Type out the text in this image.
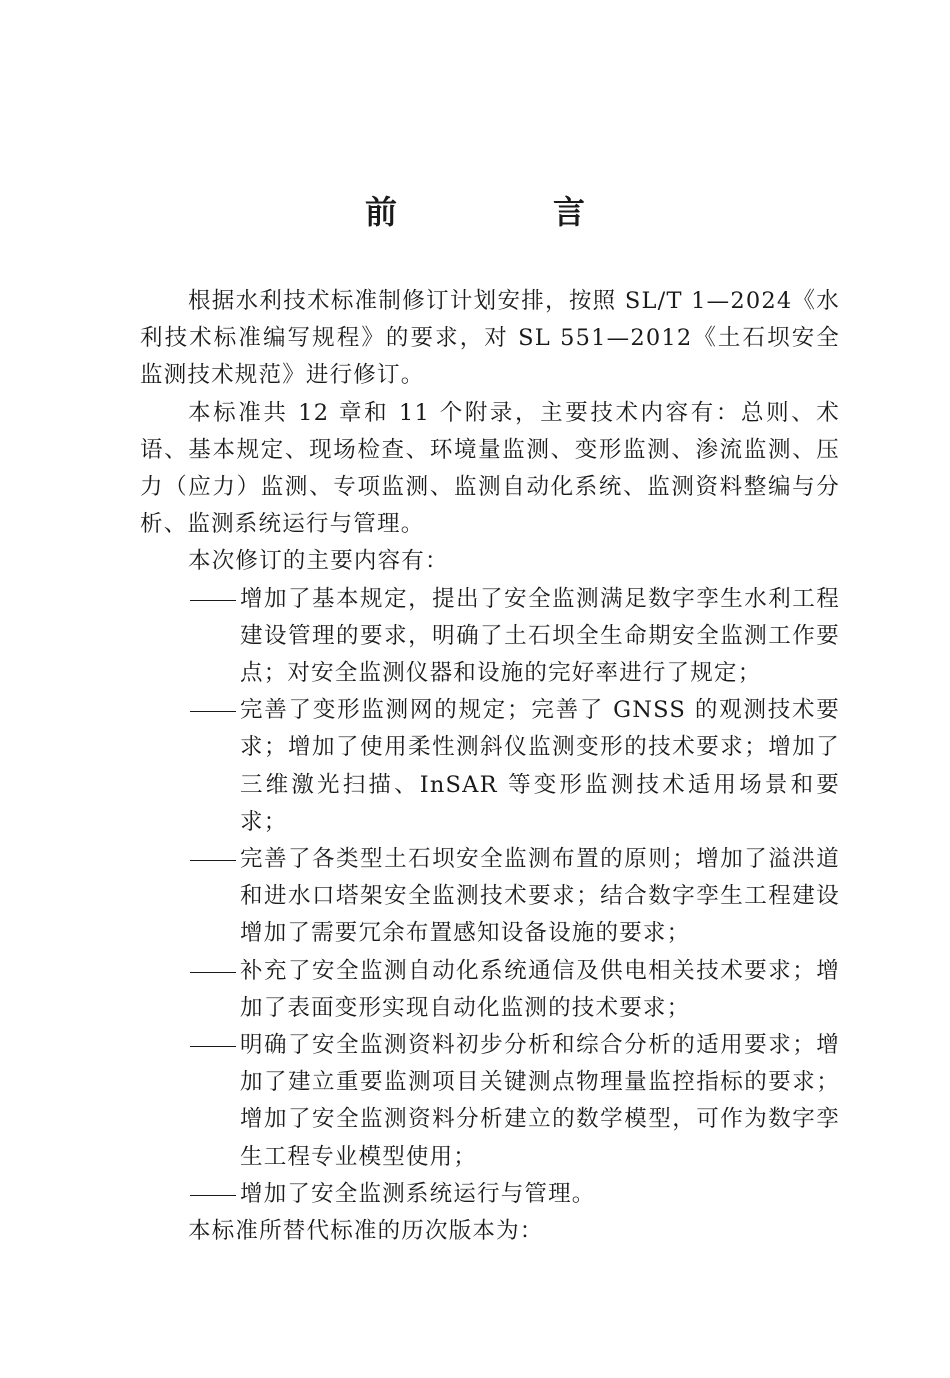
前　言

根据水利技术标准制修订计划安排，按照 SL/T 1—2024《水利技术标准编写规程》的要求，对 SL 551—2012《土石坝安全监测技术规范》进行修订。

本标准共 12 章和 11 个附录，主要技术内容有：总则、术语、基本规定、现场检查、环境量监测、变形监测、渗流监测、压力（应力）监测、专项监测、监测自动化系统、监测资料整编与分析、监测系统运行与管理。

本次修订的主要内容有：

增加了基本规定，提出了安全监测满足数字孪生水利工程建设管理的要求，明确了土石坝全生命期安全监测工作要点；对安全监测仪器和设施的完好率进行了规定；

完善了变形监测网的规定；完善了 GNSS 的观测技术要求；增加了使用柔性测斜仪监测变形的技术要求；增加了三维激光扫描、InSAR 等变形监测技术适用场景和要求；

完善了各类型土石坝安全监测布置的原则；增加了溢洪道和进水口塔架安全监测技术要求；结合数字孪生工程建设增加了需要冗余布置感知设备设施的要求；

补充了安全监测自动化系统通信及供电相关技术要求；增加了表面变形实现自动化监测的技术要求；

明确了安全监测资料初步分析和综合分析的适用要求；增加了建立重要监测项目关键测点物理量监控指标的要求；增加了安全监测资料分析建立的数学模型，可作为数字孪生工程专业模型使用；

增加了安全监测系统运行与管理。

本标准所替代标准的历次版本为：
